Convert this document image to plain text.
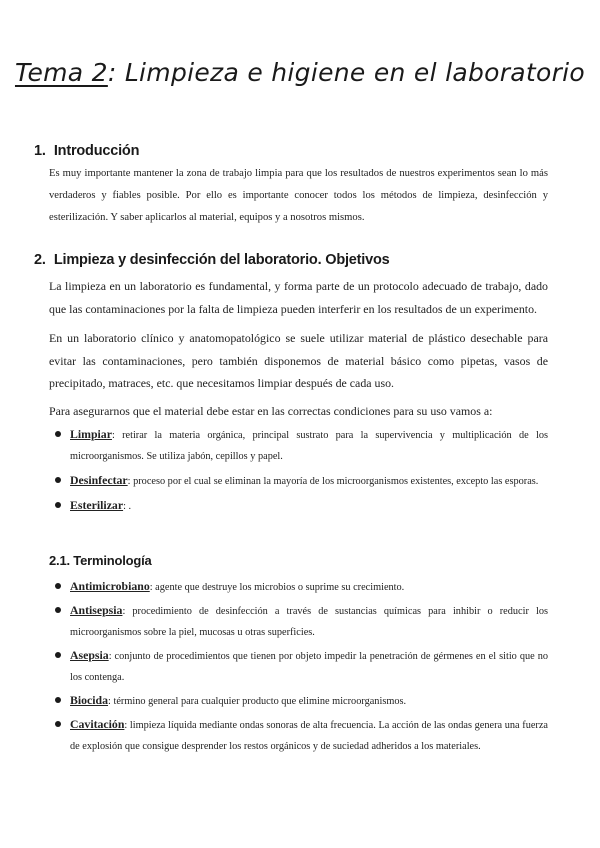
Tema 2: Limpieza e higiene en el laboratorio
1. Introducción

Es muy importante mantener la zona de trabajo limpia para que los resultados de nuestros experimentos sean lo más verdaderos y fiables posible. Por ello es importante conocer todos los métodos de limpieza, desinfección y esterilización. Y saber aplicarlos al material, equipos y a nosotros mismos.

2. Limpieza y desinfección del laboratorio. Objetivos

La limpieza en un laboratorio es fundamental, y forma parte de un protocolo adecuado de trabajo, dado que las contaminaciones por la falta de limpieza pueden interferir en los resultados de un experimento.

En un laboratorio clínico y anatomopatológico se suele utilizar material de plástico desechable para evitar las contaminaciones, pero también disponemos de material básico como pipetas, vasos de precipitado, matraces, etc. que necesitamos limpiar después de cada uso.

Para asegurarnos que el material debe estar en las correctas condiciones para su uso vamos a:

Limpiar: retirar la materia orgánica, principal sustrato para la supervivencia y multiplicación de los microorganismos. Se utiliza jabón, cepillos y papel.
Desinfectar: proceso por el cual se eliminan la mayoría de los microorganismos existentes, excepto las esporas.
Esterilizar: .
2.1. Terminología
Antimicrobiano: agente que destruye los microbios o suprime su crecimiento.
Antisepsia: procedimiento de desinfección a través de sustancias químicas para inhibir o reducir los microorganismos sobre la piel, mucosas u otras superficies.
Asepsia: conjunto de procedimientos que tienen por objeto impedir la penetración de gérmenes en el sitio que no los contenga.
Biocida: término general para cualquier producto que elimine microorganismos.
Cavitación: limpieza líquida mediante ondas sonoras de alta frecuencia. La acción de las ondas genera una fuerza de explosión que consigue desprender los restos orgánicos y de suciedad adheridos a los materiales.
